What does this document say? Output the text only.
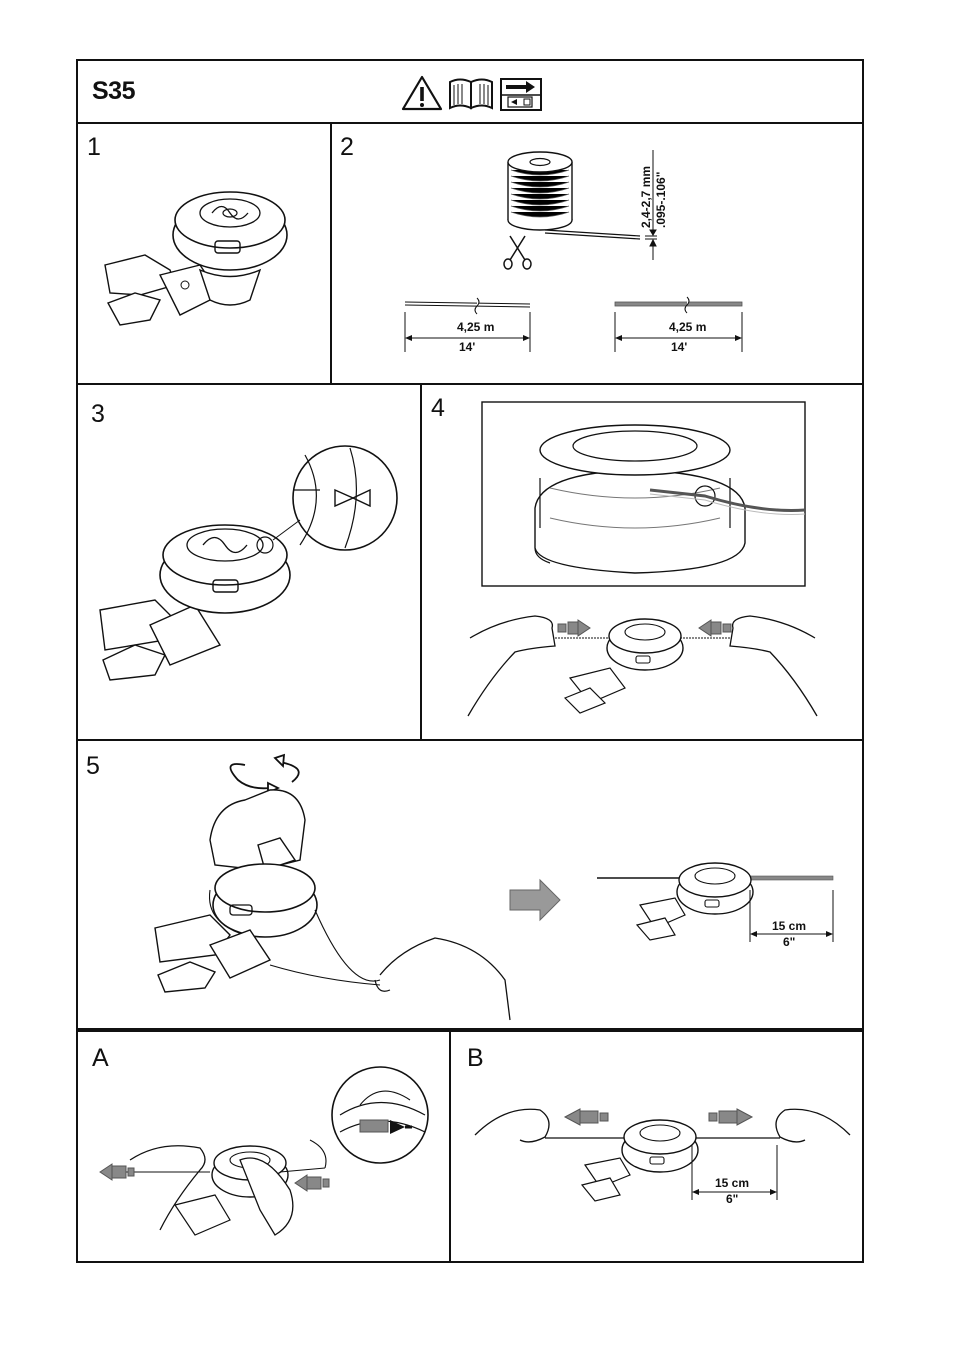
S35
1	2
2,4-2,7 mm .095-.106"
4,25 m
14'
4,25 m
14'
3	4
5
15 cm
6"
A	B
15 cm
6"
